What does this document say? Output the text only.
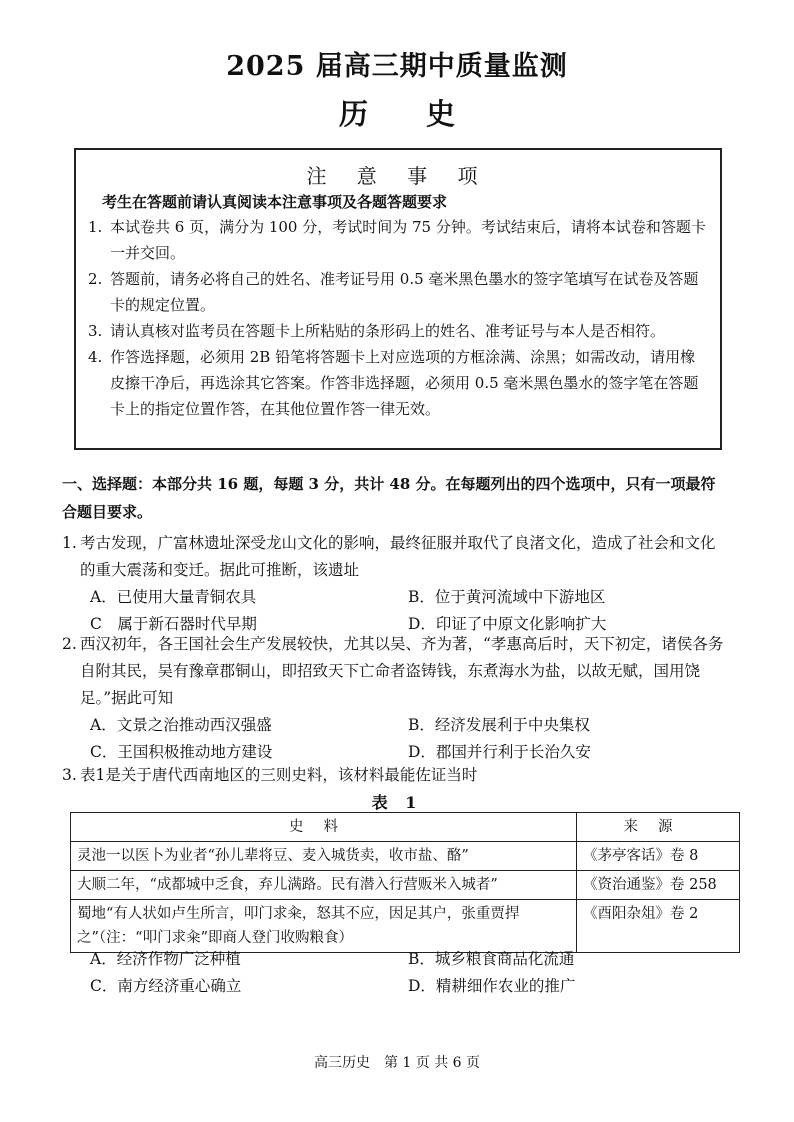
2025 届高三期中质量监测
历 史
注 意 事 项
考生在答题前请认真阅读本注意事项及各题答题要求
1. 本试卷共 6 页，满分为 100 分，考试时间为 75 分钟。考试结束后，请将本试卷和答题卡一并交回。
2. 答题前，请务必将自己的姓名、准考证号用 0.5 毫米黑色墨水的签字笔填写在试卷及答题卡的规定位置。
3. 请认真核对监考员在答题卡上所粘贴的条形码上的姓名、准考证号与本人是否相符。
4. 作答选择题，必须用 2B 铅笔将答题卡上对应选项的方框涂满、涂黑；如需改动，请用橡皮擦干净后，再选涂其它答案。作答非选择题，必须用 0.5 毫米黑色墨水的签字笔在答题卡上的指定位置作答，在其他位置作答一律无效。
一、选择题：本部分共 16 题，每题 3 分，共计 48 分。在每题列出的四个选项中，只有一项最符合题目要求。
1. 考古发现，广富林遗址深受龙山文化的影响，最终征服并取代了良渚文化，造成了社会和文化的重大震荡和变迁。据此可推断，该遗址
A．已使用大量青铜农具	B．位于黄河流域中下游地区
C　属于新石器时代早期	D．印证了中原文化影响扩大
2. 西汉初年，各王国社会生产发展较快，尤其以吴、齐为著，“孝惠高后时，天下初定，诸侯各务自附其民，吴有豫章郡铜山，即招致天下亡命者盗铸钱，东煮海水为盐，以故无赋，国用饶足。”据此可知
A．文景之治推动西汉强盛	B．经济发展利于中央集权
C．王国积极推动地方建设	D．郡国并行利于长治久安
3. 表1是关于唐代西南地区的三则史料，该材料最能佐证当时
表 1
史料	来源
灵池一以医卜为业者“孙儿辈将豆、麦入城货卖，收市盐、酪”	《茅亭客话》卷 8
大顺二年，“成都城中乏食，弃儿满路。民有潜入行营贩米入城者”	《资治通鉴》卷 258
蜀地“有人状如卢生所言，叩门求籴，怒其不应，因足其户，张重贾捍之”（注：“叩门求籴”即商人登门收购粮食）	《酉阳杂俎》卷 2
A．经济作物广泛种植	B．城乡粮食商品化流通
C．南方经济重心确立	D．精耕细作农业的推广
高三历史　第 1 页 共 6 页
